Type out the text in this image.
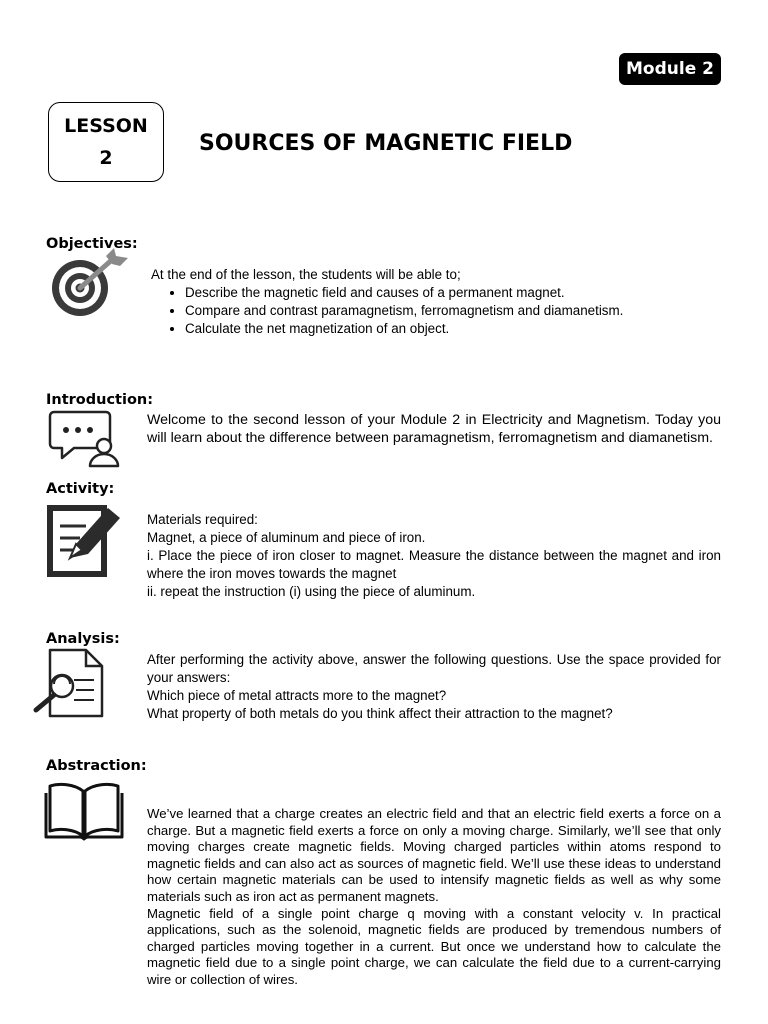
Module 2
LESSON
2
SOURCES OF MAGNETIC FIELD
Objectives:

At the end of the lesson, the students will be able to;

• Describe the magnetic field and causes of a permanent magnet.
• Compare and contrast paramagnetism, ferromagnetism and diamanetism.
• Calculate the net magnetization of an object.
Introduction:
Welcome to the second lesson of your Module 2 in Electricity and Magnetism. Today you will learn about the difference between paramagnetism, ferromagnetism and diamanetism.
Activity:

Materials required:

Magnet, a piece of aluminum and piece of iron.

i. Place the piece of iron closer to magnet. Measure the distance between the magnet and iron where the iron moves towards the magnet

ii. repeat the instruction (i) using the piece of aluminum.

Analysis:

After performing the activity above, answer the following questions. Use the space provided for your answers:

Which piece of metal attracts more to the magnet?

What property of both metals do you think affect their attraction to the magnet?

Abstraction:

We’ve learned that a charge creates an electric field and that an electric field exerts a force on a charge. But a magnetic field exerts a force on only a moving charge. Similarly, we’ll see that only moving charges create magnetic fields. Moving charged particles within atoms respond to magnetic fields and can also act as sources of magnetic field. We’ll use these ideas to understand how certain magnetic materials can be used to intensify magnetic fields as well as why some materials such as iron act as permanent magnets.

Magnetic field of a single point charge q moving with a constant velocity v. In practical applications, such as the solenoid, magnetic fields are produced by tremendous numbers of charged particles moving together in a current. But once we understand how to calculate the magnetic field due to a single point charge, we can calculate the field due to a current-carrying wire or collection of wires.
